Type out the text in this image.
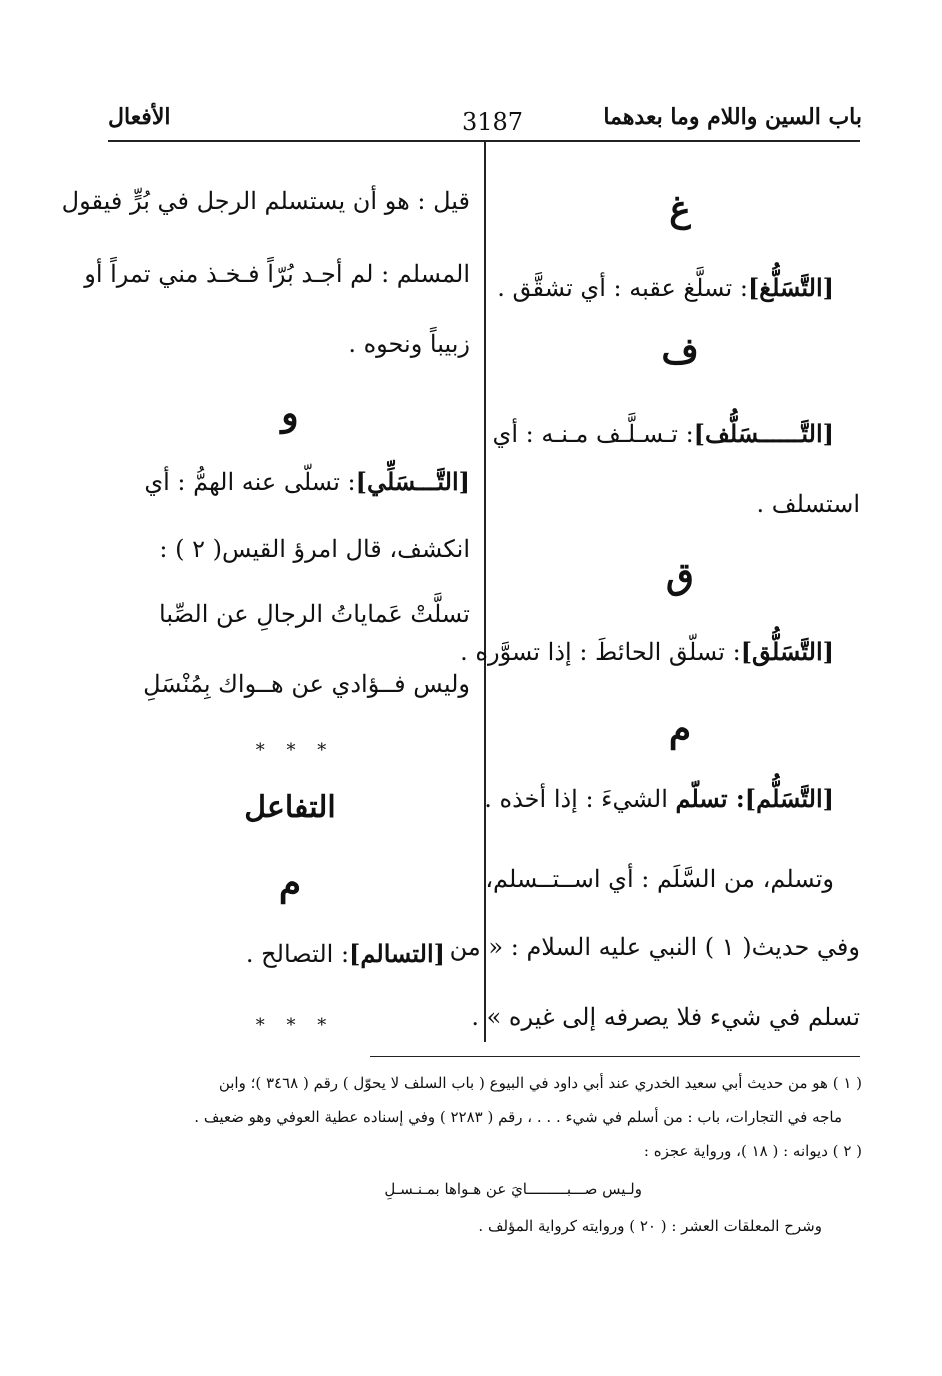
باب السين واللام وما بعدهما
3187
الأفعال
غ
[التَّسَلُّغ]: تسلَّغ عقبه : أي تشقَّق .
ف
[التَّــــــسَلُّف]: تـسـلَّـف مـنـه : أي
استسلف .
ق
[التَّسَلُّق]: تسلّق الحائطَ : إذا تسوَّره .
م
[التَّسَلُّم]: تسلّم الشيءَ : إذا أخذه .
وتسلم، من السَّلَم : أي اســتــسلم،
وفي حديث( ١ ) النبي عليه السلام : « من
تسلم في شيء فلا يصرفه إلى غيره » .
قيل : هو أن يستسلم الرجل في بُرٍّ فيقول
المسلم : لم أجـد بُرّاً فـخـذ مني تمراً أو
زبيباً ونحوه .
و
[التَّـــسَلِّي]: تسلّى عنه الهمُّ : أي
انكشف، قال امرؤ القيس( ٢ ) :
تسلَّتْ عَماياتُ الرجالِ عن الصِّبا
وليس فــؤادي عن هــواك بِمُنْسَلِ
* * *
التفاعل
م
[التسالم]: التصالح .
* * *
( ١ ) هو من حديث أبي سعيد الخدري عند أبي داود في البيوع ( باب السلف لا يحوّل ) رقم ( ٣٤٦٨ )؛ وابن
ماجه في التجارات، باب : من أسلم في شيء . . . ، رقم ( ٢٢٨٣ ) وفي إسناده عطية العوفي وهو ضعيف .
( ٢ ) ديوانه : ( ١٨ )، ورواية عجزه :
ولـيس صـــبـــــــــايَ عن هـواها بمـنـسـلِ
وشرح المعلقات العشر : ( ٢٠ ) وروايته كرواية المؤلف .
